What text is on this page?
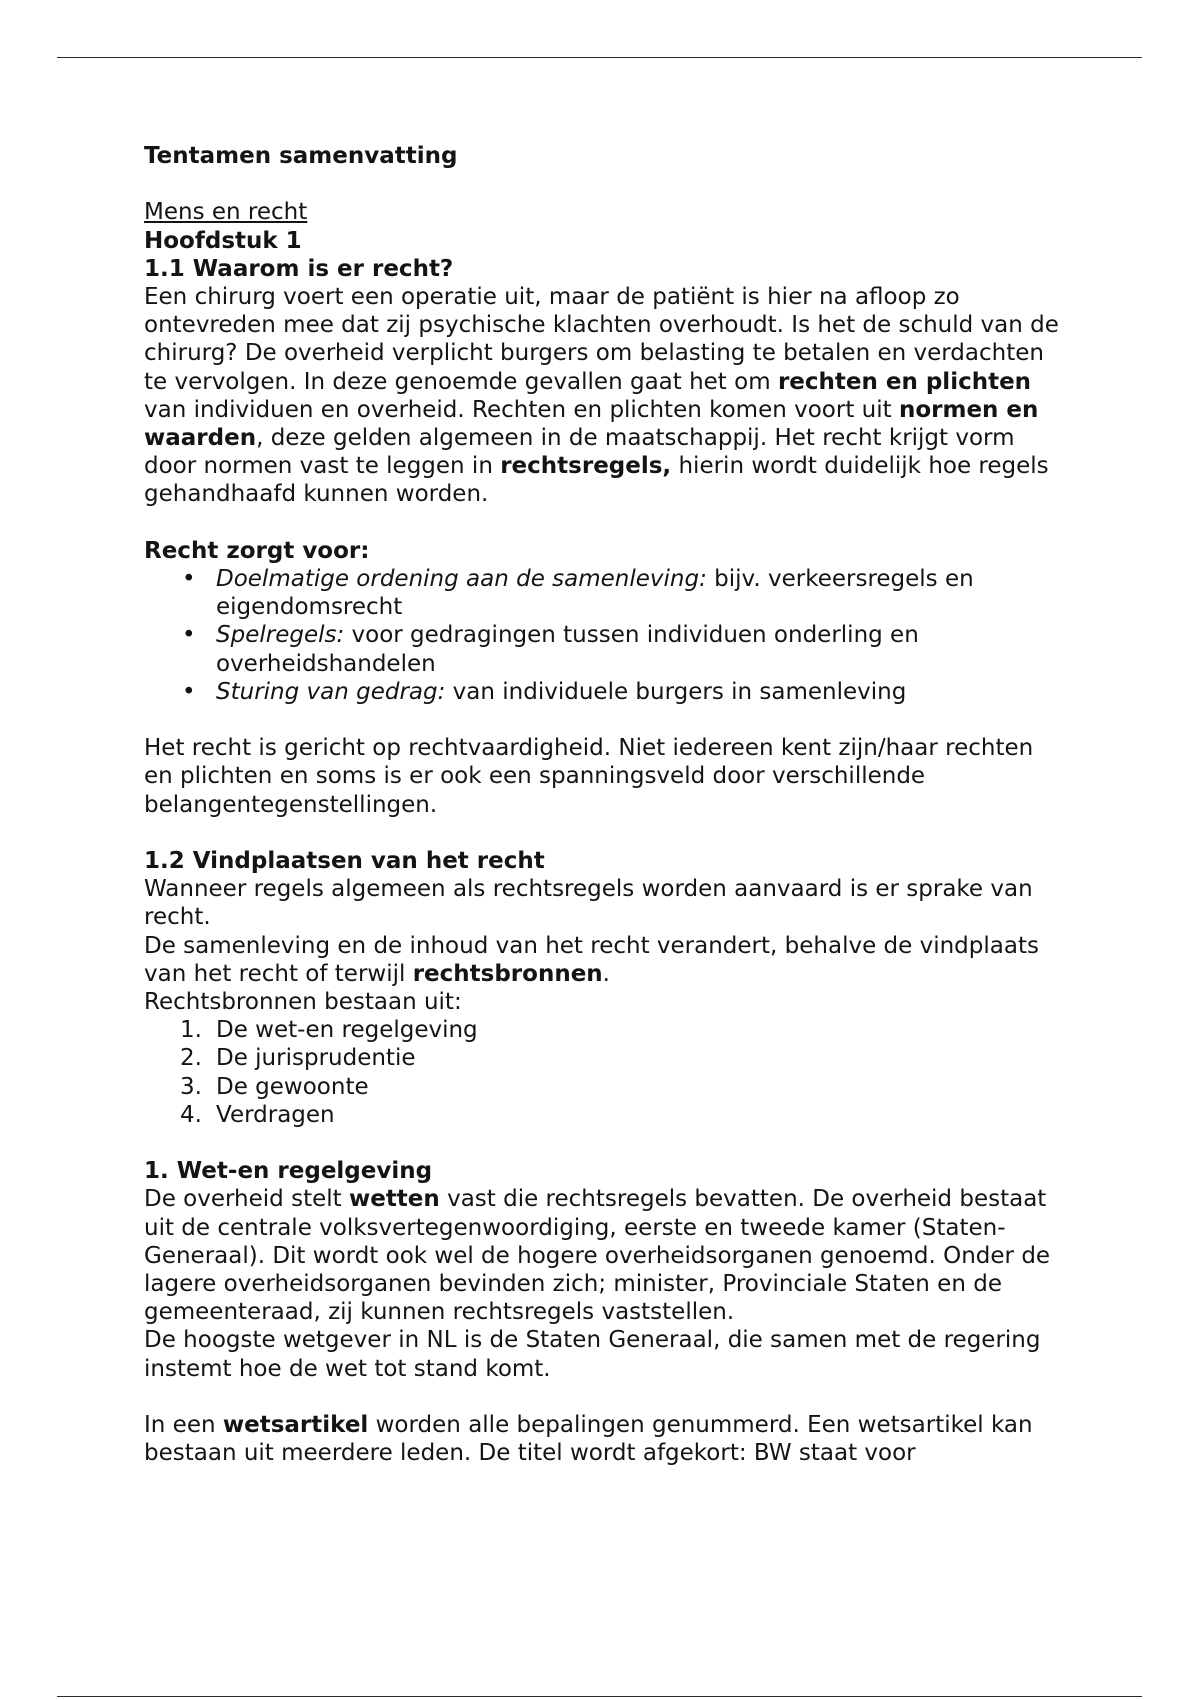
Tentamen samenvatting

Mens en recht

Hoofdstuk 1

1.1 Waarom is er recht?

Een chirurg voert een operatie uit, maar de patiënt is hier na afloop zo ontevreden mee dat zij psychische klachten overhoudt. Is het de schuld van de chirurg? De overheid verplicht burgers om belasting te betalen en verdachten te vervolgen. In deze genoemde gevallen gaat het om rechten en plichten van individuen en overheid. Rechten en plichten komen voort uit normen en waarden, deze gelden algemeen in de maatschappij. Het recht krijgt vorm door normen vast te leggen in rechtsregels, hierin wordt duidelijk hoe regels gehandhaafd kunnen worden.

Recht zorgt voor:

• Doelmatige ordening aan de samenleving: bijv. verkeersregels en eigendomsrecht
• Spelregels: voor gedragingen tussen individuen onderling en overheidshandelen
• Sturing van gedrag: van individuele burgers in samenleving

Het recht is gericht op rechtvaardigheid. Niet iedereen kent zijn/haar rechten en plichten en soms is er ook een spanningsveld door verschillende belangentegenstellingen.

1.2 Vindplaatsen van het recht

Wanneer regels algemeen als rechtsregels worden aanvaard is er sprake van recht.

De samenleving en de inhoud van het recht verandert, behalve de vindplaats van het recht of terwijl rechtsbronnen.

Rechtsbronnen bestaan uit:

1. De wet-en regelgeving
2. De jurisprudentie
3. De gewoonte
4. Verdragen

1. Wet-en regelgeving

De overheid stelt wetten vast die rechtsregels bevatten. De overheid bestaat uit de centrale volksvertegenwoordiging, eerste en tweede kamer (Staten-Generaal). Dit wordt ook wel de hogere overheidsorganen genoemd. Onder de lagere overheidsorganen bevinden zich; minister, Provinciale Staten en de gemeenteraad, zij kunnen rechtsregels vaststellen.

De hoogste wetgever in NL is de Staten Generaal, die samen met de regering instemt hoe de wet tot stand komt.

In een wetsartikel worden alle bepalingen genummerd. Een wetsartikel kan bestaan uit meerdere leden. De titel wordt afgekort: BW staat voor
